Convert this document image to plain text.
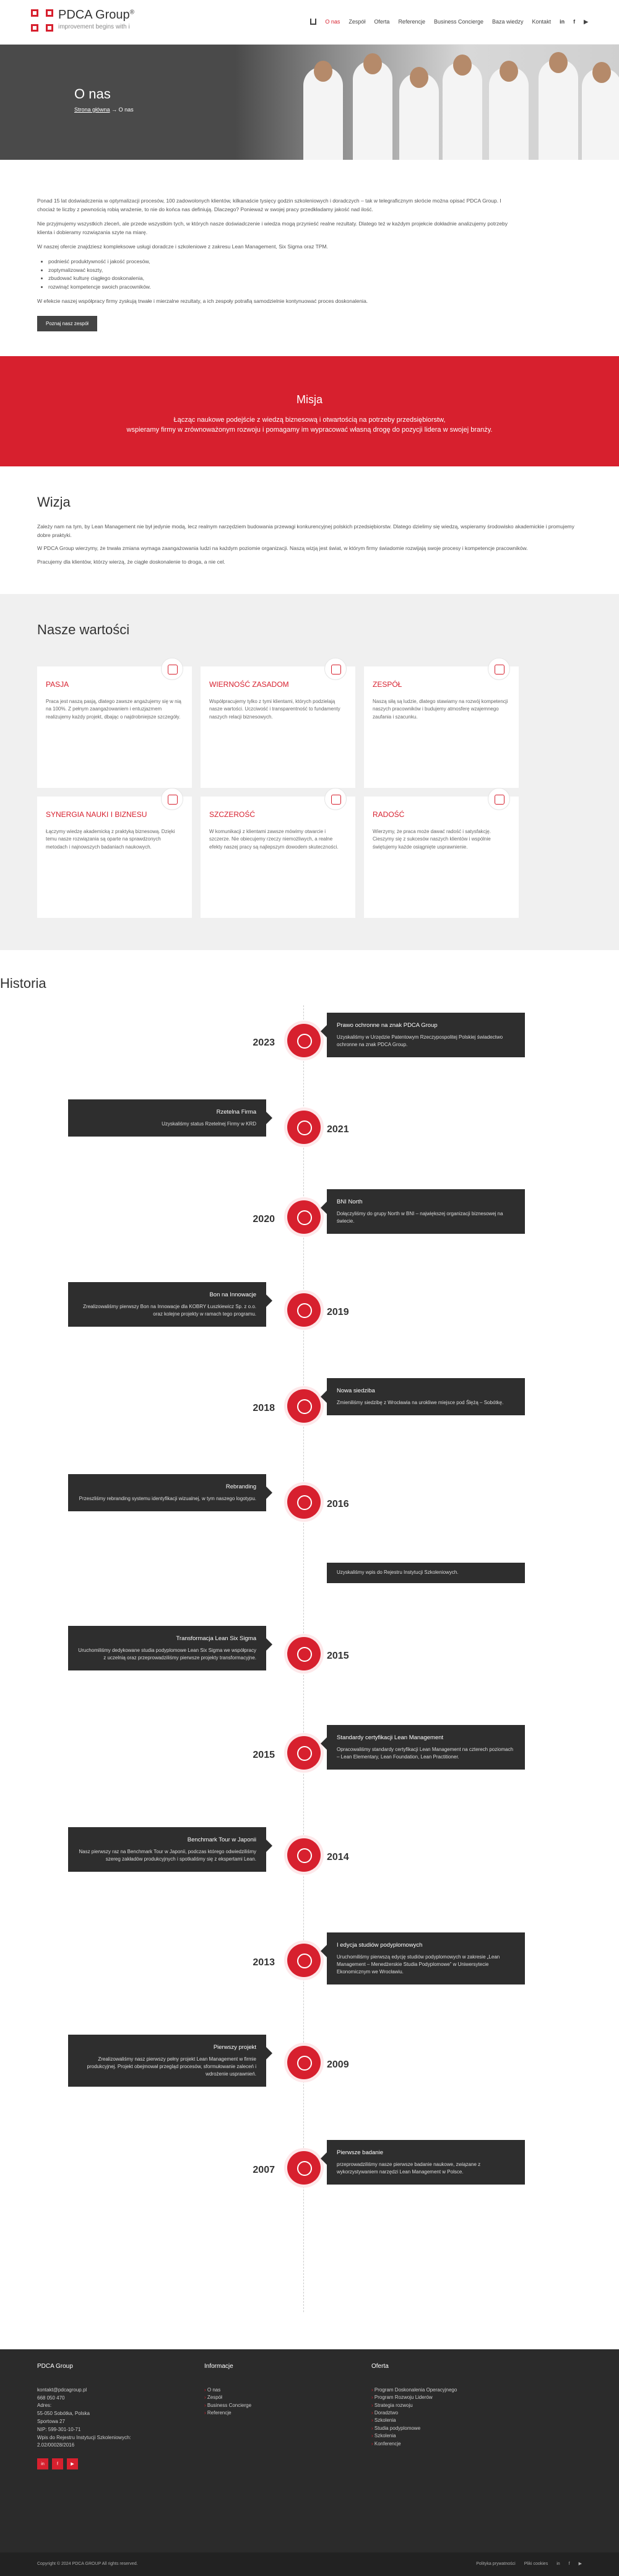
PDCA Group®
improvement begins with i
O nas Zespół Oferta Referencje Business Concierge Baza wiedzy Kontakt in f ▶
O nas
Strona główna → O nas

Ponad 15 lat doświadczenia w optymalizacji procesów, 100 zadowolonych klientów, kilkanaście tysięcy godzin szkoleniowych i doradczych – tak w telegraficznym skrócie można opisać PDCA Group. I chociaż te liczby z pewnością robią wrażenie, to nie do końca nas definiują. Dlaczego? Ponieważ w swojej pracy przedkładamy jakość nad ilość.

Nie przyjmujemy wszystkich zleceń, ale przede wszystkim tych, w których nasze doświadczenie i wiedza mogą przynieść realne rezultaty. Dlatego też w każdym projekcie dokładnie analizujemy potrzeby klienta i dobieramy rozwiązania szyte na miarę.

W naszej ofercie znajdziesz kompleksowe usługi doradcze i szkoleniowe z zakresu Lean Management, Six Sigma oraz TPM.

• podnieść produktywność i jakość procesów,
• zoptymalizować koszty,
• zbudować kulturę ciągłego doskonalenia,
• rozwinąć kompetencje swoich pracowników.

W efekcie naszej współpracy firmy zyskują trwałe i mierzalne rezultaty, a ich zespoły potrafią samodzielnie kontynuować proces doskonalenia.

Poznaj nasz zespół
Misja

Łącząc naukowe podejście z wiedzą biznesową i otwartością na potrzeby przedsiębiorstw,

wspieramy firmy w zrównoważonym rozwoju i pomagamy im wypracować własną drogę do pozycji lidera w swojej branży.

Wizja

Zależy nam na tym, by Lean Management nie był jedynie modą, lecz realnym narzędziem budowania przewagi konkurencyjnej polskich przedsiębiorstw. Dlatego dzielimy się wiedzą, wspieramy środowisko akademickie i promujemy dobre praktyki.

W PDCA Group wierzymy, że trwała zmiana wymaga zaangażowania ludzi na każdym poziomie organizacji. Naszą wizją jest świat, w którym firmy świadomie rozwijają swoje procesy i kompetencje pracowników.

Pracujemy dla klientów, którzy wierzą, że ciągłe doskonalenie to droga, a nie cel.

Nasze wartości
PASJA

Praca jest naszą pasją, dlatego zawsze angażujemy się w nią na 100%. Z pełnym zaangażowaniem i entuzjazmem realizujemy każdy projekt, dbając o najdrobniejsze szczegóły.

WIERNOŚĆ ZASADOM

Współpracujemy tylko z tymi klientami, których podzielają nasze wartości. Uczciwość i transparentność to fundamenty naszych relacji biznesowych.

ZESPÓŁ

Naszą siłą są ludzie, dlatego stawiamy na rozwój kompetencji naszych pracowników i budujemy atmosferę wzajemnego zaufania i szacunku.

SYNERGIA NAUKI I BIZNESU

Łączymy wiedzę akademicką z praktyką biznesową. Dzięki temu nasze rozwiązania są oparte na sprawdzonych metodach i najnowszych badaniach naukowych.

SZCZEROŚĆ

W komunikacji z klientami zawsze mówimy otwarcie i szczerze. Nie obiecujemy rzeczy niemożliwych, a realne efekty naszej pracy są najlepszym dowodem skuteczności.

RADOŚĆ

Wierzymy, że praca może dawać radość i satysfakcję. Cieszymy się z sukcesów naszych klientów i wspólnie świętujemy każde osiągnięte usprawnienie.

Historia
2023
Prawo ochronne na znak PDCA Group
Uzyskaliśmy w Urzędzie Patentowym Rzeczypospolitej Polskiej świadectwo ochronne na znak PDCA Group.
2021
Rzetelna Firma
Uzyskaliśmy status Rzetelnej Firmy w KRD
2020
BNI North
Dołączyliśmy do grupy North w BNI – największej organizacji biznesowej na świecie.
2019
Bon na Innowacje
Zrealizowaliśmy pierwszy Bon na Innowacje dla KOBRY Łuszkiewicz Sp. z o.o. oraz kolejne projekty w ramach tego programu.
2018
Nowa siedziba
Zmieniliśmy siedzibę z Wrocławia na urokliwe miejsce pod Ślężą – Sobótkę.
2016
Rebranding
Przeszliśmy rebranding systemu identyfikacji wizualnej, w tym naszego logotypu.
Uzyskaliśmy wpis do Rejestru Instytucji Szkoleniowych.
2015
Transformacja Lean Six Sigma
Uruchomiliśmy dedykowane studia podyplomowe Lean Six Sigma we współpracy z uczelnią oraz przeprowadziliśmy pierwsze projekty transformacyjne.
2015
Standardy certyfikacji Lean Management
Opracowaliśmy standardy certyfikacji Lean Management na czterech poziomach – Lean Elementary, Lean Foundation, Lean Practitioner.
2014
Benchmark Tour w Japonii
Nasz pierwszy raz na Benchmark Tour w Japonii, podczas którego odwiedziliśmy szereg zakładów produkcyjnych i spotkaliśmy się z ekspertami Lean.
2013
I edycja studiów podyplomowych
Uruchomiliśmy pierwszą edycję studiów podyplomowych w zakresie „Lean Management – Menedżerskie Studia Podyplomowe” w Uniwersytecie Ekonomicznym we Wrocławiu.
2009
Pierwszy projekt
Zrealizowaliśmy nasz pierwszy pełny projekt Lean Management w firmie produkcyjnej. Projekt obejmował przegląd procesów, sformułowanie zaleceń i wdrożenie usprawnień.
2007
Pierwsze badanie
przeprowadziliśmy nasze pierwsze badanie naukowe, związane z wykorzystywaniem narzędzi Lean Management w Polsce.
PDCA Group
kontakt@pdcagroup.pl
668 050 470
Adres:
55-050 Sobótka, Polska
Sportowa 27
NIP: 599-301-10-71
Wpis do Rejestru Instytucji Szkoleniowych:
2.02/00028/2016
in	f	▶
Informacje
› O nas
› Zespół
› Business Concierge
› Referencje
Oferta
› Program Doskonalenia Operacyjnego
› Program Rozwoju Liderów
› Strategia rozwoju
› Doradztwo
› Szkolenia
› Studia podyplomowe
› Szkolenia
› Konferencje
Copyright © 2024 PDCA GROUP All rights reserved.	Polityka prywatności Pliki cookies in f ▶
